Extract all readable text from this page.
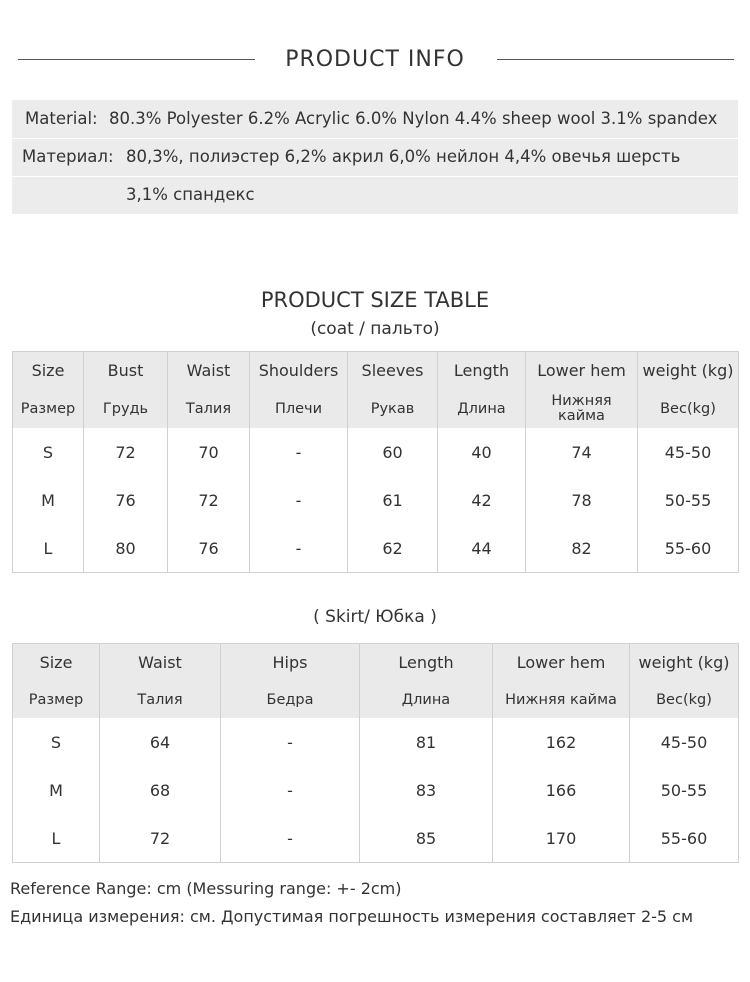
PRODUCT INFO
Material: 80.3% Polyester 6.2% Acrylic 6.0% Nylon 4.4% sheep wool 3.1% spandex
Материал: 80,3%, полиэстер 6,2% акрил 6,0% нейлон 4,4% овечья шерсть
3,1% спандекс
PRODUCT SIZE TABLE
(coat / пальто)
Size	Bust	Waist	Shoulders	Sleeves	Length	Lower hem	weight (kg)
Размер	Грудь	Талия	Плечи	Рукав	Длина	Нижняя кайма	Вес(kg)
S	72	70	-	60	40	74	45-50
M	76	72	-	61	42	78	50-55
L	80	76	-	62	44	82	55-60
( Skirt/ Юбка )
Size	Waist	Hips	Length	Lower hem	weight (kg)
Размер	Талия	Бедра	Длина	Нижняя кайма	Вес(kg)
S	64	-	81	162	45-50
M	68	-	83	166	50-55
L	72	-	85	170	55-60
Reference Range: cm (Messuring range: +- 2cm)
Единица измерения: см. Допустимая погрешность измерения составляет 2-5 см
